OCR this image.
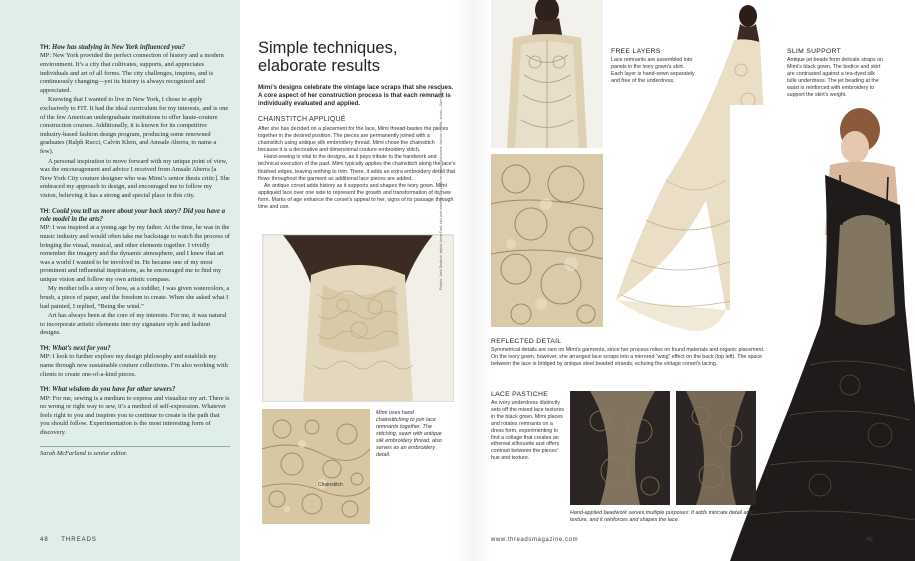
TH: How has studying in New York influenced you?

MP: New York provided the perfect connection of history and a modern environment. It’s a city that cultivates, supports, and appreciates individuals and art of all forms. The city challenges, inspires, and is continuously changing—yet its history is always recognized and appreciated.

Knowing that I wanted to live in New York, I chose to apply exclusively to FIT. It had the ideal curriculum for my interests, and is one of the few American undergraduate institutions to offer haute-couture construction courses. Additionally, it is known for its competitive industry-based fashion design program, producing some renowned graduates (Ralph Rucci, Calvin Klein, and Amsale Aberra, to name a few).

A personal inspiration to move forward with my unique point of view, was the encouragement and advice I received from Amsale Aberra [a New York City couture designer who was Mimi’s senior thesis critic]. She embraced my approach to design, and encouraged me to follow my vision, believing it has a strong and special place in this city.

TH: Could you tell us more about your back story? Did you have a role model in the arts?

MP: I was inspired at a young age by my father. At the time, he was in the music industry and would often take me backstage to watch the process of bringing the visual, musical, and other elements together. I vividly remember the imagery and the dynamic atmosphere, and I knew that art was a world I wanted to be involved in. He became one of my most prominent and influential inspirations, as he encouraged me to find my unique vision and follow my own artistic compass.

My mother tells a story of how, as a toddler, I was given watercolors, a brush, a piece of paper, and the freedom to create. When she asked what I had painted, I replied, “Being the wind.”

Art has always been at the core of my interests. For me, it was natural to incorporate artistic elements into my signature style and fashion designs.

TH: What’s next for you?

MP: I look to further explore my design philosophy and establish my name through new sustainable couture collections. I’m also working with clients to create one-of-a-kind pieces.

TH: What wisdom do you have for other sewers?

MP: For me, sewing is a medium to express and visualize my art. There is no wrong or right way to sew, it’s a method of self-expression. Whatever feels right to you and inspires you to continue to create is the path that you should follow. Experimentation is the most interesting form of discovery.

Sarah McFarland is senior editor.
48 THREADS
Simple techniques,
elaborate results

Mimi’s designs celebrate the vintage lace scraps that she rescues. A core aspect of her construction process is that each remnant is individually evaluated and applied.

CHAINSTITCH APPLIQUÉ

After she has decided on a placement for the lace, Mimi thread-bastes the pieces together in the desired position. The pieces are permanently joined with a chainstitch using antique silk embroidery thread. Mimi chose the chainstitch because it is a decorative and dimensional couture embroidery stitch.

Hand-sewing is vital to the designs, as it pays tribute to the handwork and technical execution of the past. Mimi typically applies the chainstitch along the lace’s finished edges, leaving nothing to trim. There, it adds an extra embroidery detail that flows throughout the garment as additional lace pieces are added.

An antique corset adds history as it supports and shapes the ivory gown. Mimi appliquéd lace over one side to represent the growth and transformation of its new form. Marks of age enhance the corset’s appeal to her, signs of its passage through time and use.

Chainstitch

Mimi uses hand chainstitching to join lace remnants together. The stitching, sewn with antique silk embroidery thread, also serves as an embroidery detail.

Photos: Jack Deutsch; stylist: Anna Fast; hair and makeup: Pat Lugo for Halley Resources; fashion credits: shoes—Sam Edelman
FREE LAYERS

Lace remnants are assembled into panels in the ivory gown’s skirt. Each layer is hand-sewn separately and free of the underdress.

SLIM SUPPORT

Antique jet beads form delicate straps on Mimi’s black gown. The bodice and skirt are contrasted against a tea-dyed silk tulle underdress. The jet beading at the waist is reinforced with embroidery to support the skirt’s weight.

REFLECTED DETAIL

Symmetrical details are rare on Mimi’s garments, since her process relies on found materials and organic placement. On the ivory gown, however, she arranged lace scraps into a mirrored “wing” effect on the back (top left). The space between the lace is bridged by antique steel beaded strands, echoing the vintage corset’s lacing.

LACE PASTICHE

An ivory underdress distinctly sets off the mixed lace textures in the black gown. Mimi places and rotates remnants on a dress form, experimenting to find a collage that creates an ethereal silhouette and offers contrast between the pieces’ hue and texture.

Hand-applied beadwork serves multiple purposes: It adds intricate detail and texture, and it reinforces and shapes the lace.

www.threadsmagazine.com	49
